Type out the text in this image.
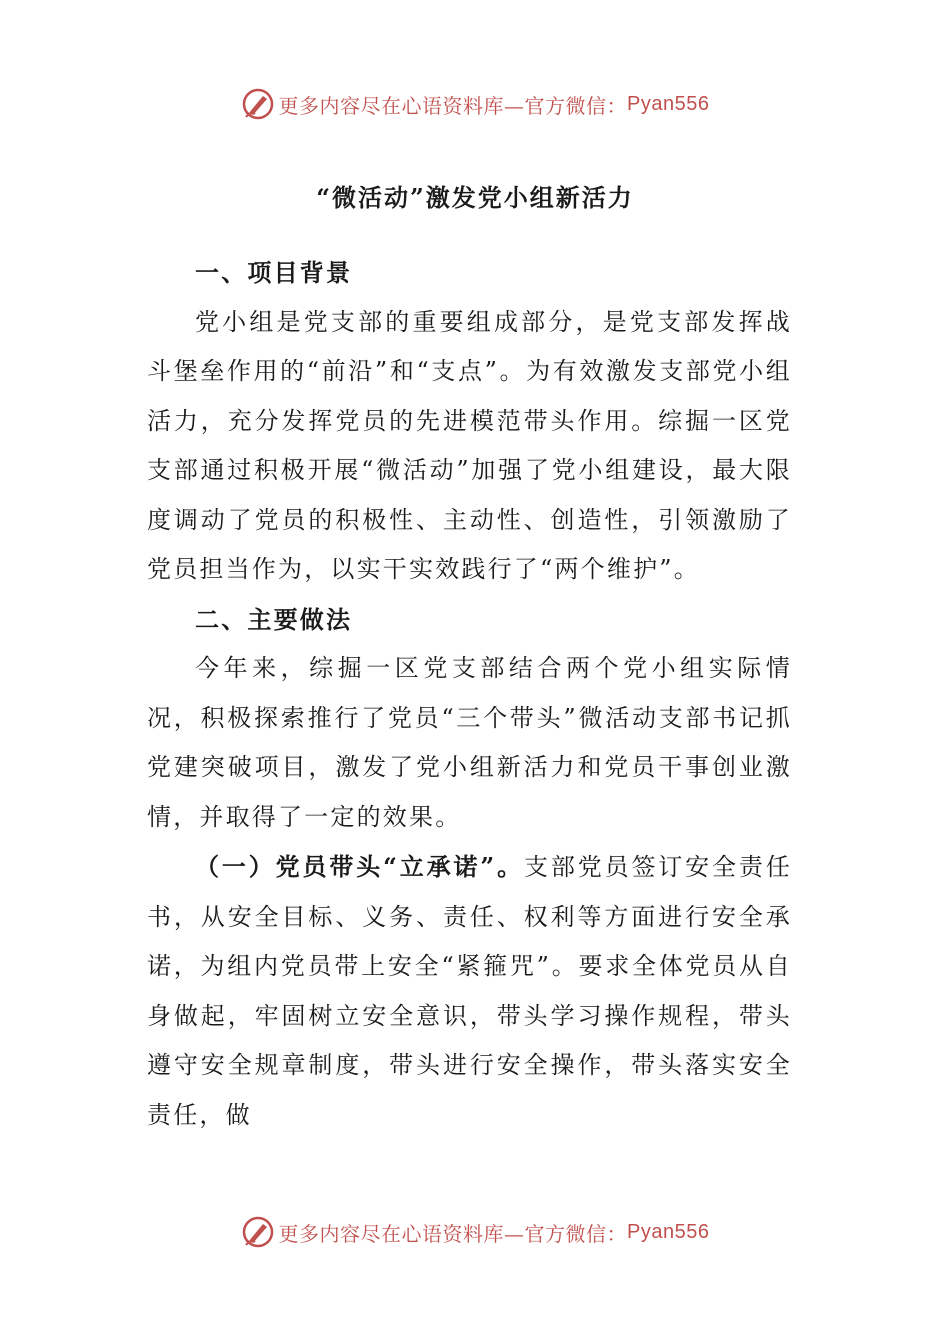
更多内容尽在心语资料库—官方微信： Pyan556
“微活动”激发党小组新活力
一、项目背景

党小组是党支部的重要组成部分，是党支部发挥战斗堡垒作用的“前沿”和“支点”。为有效激发支部党小组活力，充分发挥党员的先进模范带头作用。综掘一区党支部通过积极开展“微活动”加强了党小组建设，最大限度调动了党员的积极性、主动性、创造性，引领激励了党员担当作为，以实干实效践行了“两个维护”。

二、主要做法

今年来，综掘一区党支部结合两个党小组实际情况，积极探索推行了党员“三个带头”微活动支部书记抓党建突破项目，激发了党小组新活力和党员干事创业激情，并取得了一定的效果。

（一）党员带头“立承诺”。支部党员签订安全责任书，从安全目标、义务、责任、权利等方面进行安全承诺，为组内党员带上安全“紧箍咒”。要求全体党员从自身做起，牢固树立安全意识，带头学习操作规程，带头遵守安全规章制度，带头进行安全操作，带头落实安全责任，做

更多内容尽在心语资料库—官方微信： Pyan556
